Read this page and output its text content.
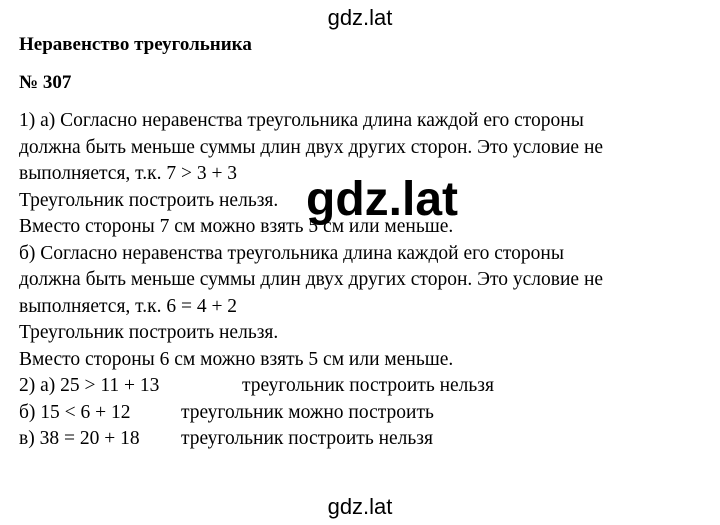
gdz.lat
Неравенство треугольника
№ 307
1) а) Согласно неравенства треугольника длина каждой его стороны
должна быть меньше суммы длин двух других сторон. Это условие не
выполняется, т.к. 7 > 3 + 3
Треугольник построить нельзя.
Вместо стороны 7 см можно взять 5 см или меньше.
б) Согласно неравенства треугольника длина каждой его стороны
должна быть меньше суммы длин двух других сторон. Это условие не
выполняется, т.к. 6 = 4 + 2
Треугольник построить нельзя.
Вместо стороны 6 см можно взять 5 см или меньше.
2) а) 25 > 11 + 13	треугольник построить нельзя
б) 15 < 6 + 12	треугольник можно построить
в) 38 = 20 + 18 треугольник построить нельзя
gdz.lat
gdz.lat
